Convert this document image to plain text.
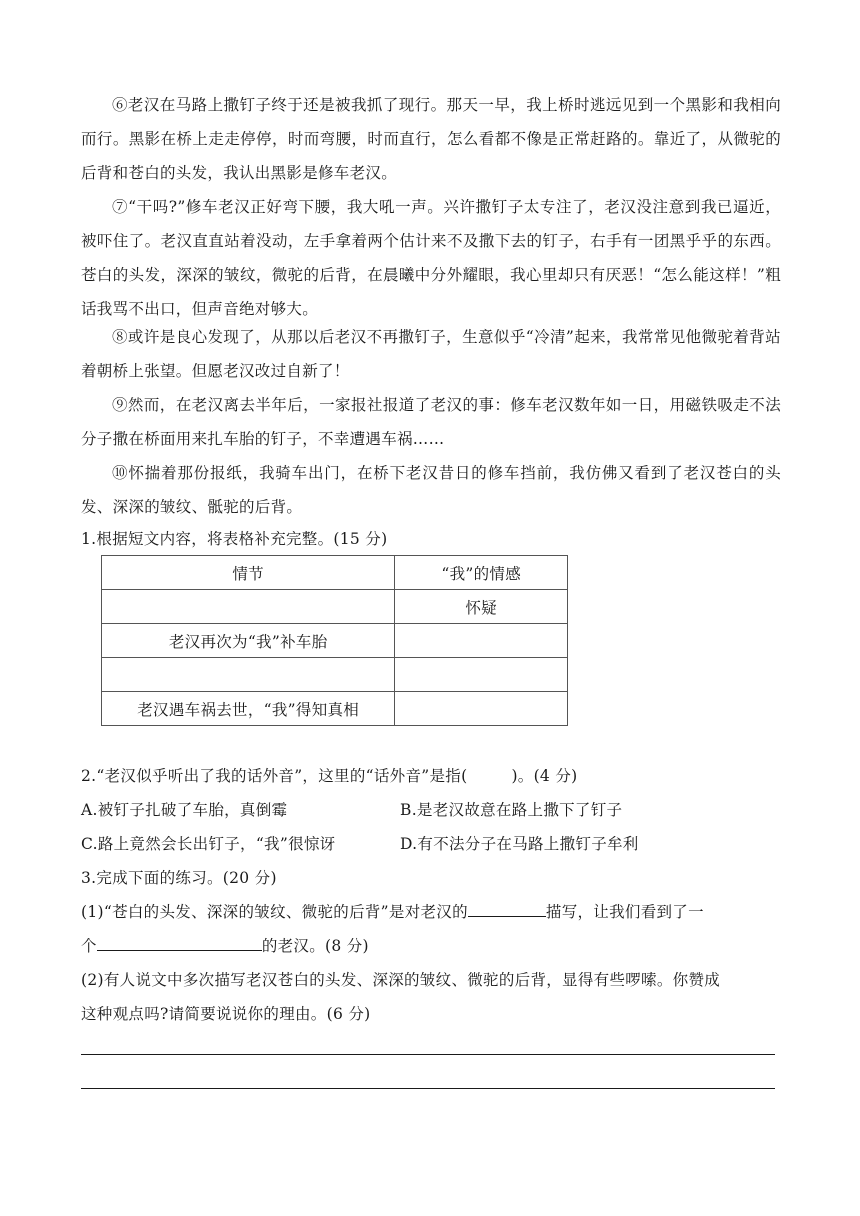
⑥老汉在马路上撒钉子终于还是被我抓了现行。那天一早，我上桥时逃远见到一个黑影和我相向而行。黑影在桥上走走停停，时而弯腰，时而直行，怎么看都不像是正常赶路的。靠近了，从微驼的后背和苍白的头发，我认出黑影是修车老汉。
⑦“干吗?”修车老汉正好弯下腰，我大吼一声。兴许撒钉子太专注了，老汉没注意到我已逼近，被吓住了。老汉直直站着没动，左手拿着两个估计来不及撒下去的钉子，右手有一团黑乎乎的东西。苍白的头发，深深的皱纹，微驼的后背，在晨曦中分外耀眼，我心里却只有厌恶！“怎么能这样！”粗话我骂不出口，但声音绝对够大。
⑧或许是良心发现了，从那以后老汉不再撒钉子，生意似乎“冷清”起来，我常常见他微驼着背站着朝桥上张望。但愿老汉改过自新了！
⑨然而，在老汉离去半年后，一家报社报道了老汉的事：修车老汉数年如一日，用磁铁吸走不法分子撒在桥面用来扎车胎的钉子，不幸遭遇车祸……
⑩怀揣着那份报纸，我骑车出门，在桥下老汉昔日的修车挡前，我仿佛又看到了老汉苍白的头发、深深的皱纹、骶驼的后背。
1.根据短文内容，将表格补充完整。(15 分)
情节	“我”的情感
	怀疑
老汉再次为“我”补车胎	

老汉遇车祸去世，“我”得知真相	
2.“老汉似乎听出了我的话外音”，这里的“话外音”是指(	)。(4 分)
A.被钉子扎破了车胎，真倒霉	B.是老汉故意在路上撒下了钉子
C.路上竟然会长出钉子，“我”很惊讶	D.有不法分子在马路上撒钉子牟利
3.完成下面的练习。(20 分)
(1)“苍白的头发、深深的皱纹、微驼的后背”是对老汉的	描写，让我们看到了一
个	的老汉。(8 分)
(2)有人说文中多次描写老汉苍白的头发、深深的皱纹、微驼的后背，显得有些啰嗦。你赞成
这种观点吗?请简要说说你的理由。(6 分)
